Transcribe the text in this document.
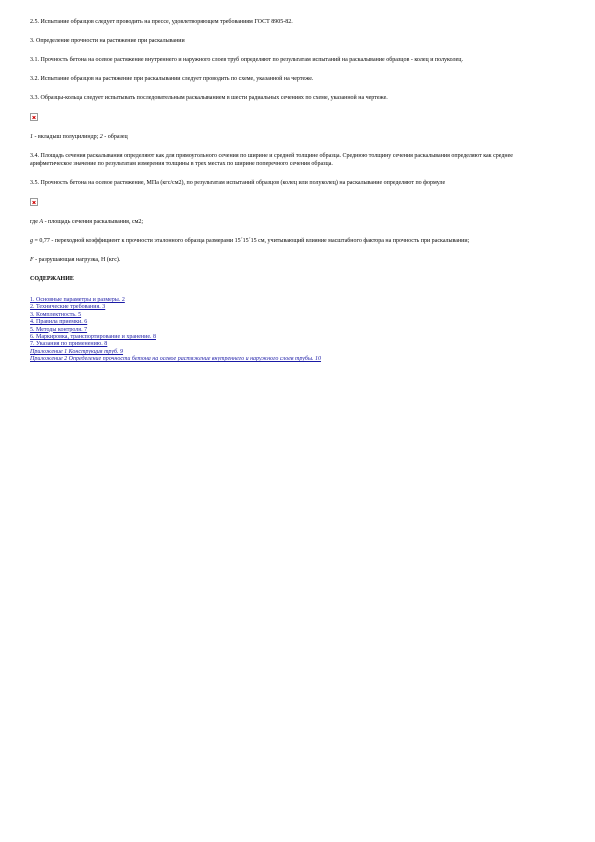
2.5. Испытание образцов следует проводить на прессе, удовлетворяющем требованиям ГОСТ 8905-82.

3. Определение прочности на растяжение при раскалывании

3.1. Прочность бетона на осевое растяжение внутреннего и наружного слоев труб определяют по результатам испытаний на раскалывание образцов - колец и полуколец.

3.2. Испытание образцов на растяжение при раскалывании следует проводить по схеме, указанной на чертеже.

3.3. Образцы-кольца следует испытывать последовательным раскалыванием в шести радиальных сечениях по схеме, указанной на чертеже.

1 - вкладыш полуцилиндр; 2 - образец

3.4. Площадь сечения раскалывания определяют как для прямоугольного сечения по ширине и средней толщине образца. Среднюю толщину сечения раскалывания определяют как среднее арифметическое значение по результатам измерения толщины в трех местах по ширине поперечного сечения образца.

3.5. Прочность бетона на осевое растяжение, МПа (кгс/см2), по результатам испытаний образцов (колец или полуколец) на раскалывание определяют по формуле

где A - площадь сечения раскалывания, см2;

g = 0,77 - переходной коэффициент к прочности эталонного образца размерами 15´15´15 см, учитывающий влияние масштабного фактора на прочность при раскалывании;

F - разрушающая нагрузка, Н (кгс).

СОДЕРЖАНИЕ
1. Основные параметры и размеры. 2
2. Технические требования. 3
3. Комплектность. 5
4. Правила приемки. 6
5. Методы контроля. 7
6. Маркировка, транспортирование и хранение. 8
7. Указания по применению. 8
Приложение 1 Конструкция труб. 9
Приложение 2 Определение прочности бетона на осевое растяжение внутреннего и наружного слоев трубы. 10
